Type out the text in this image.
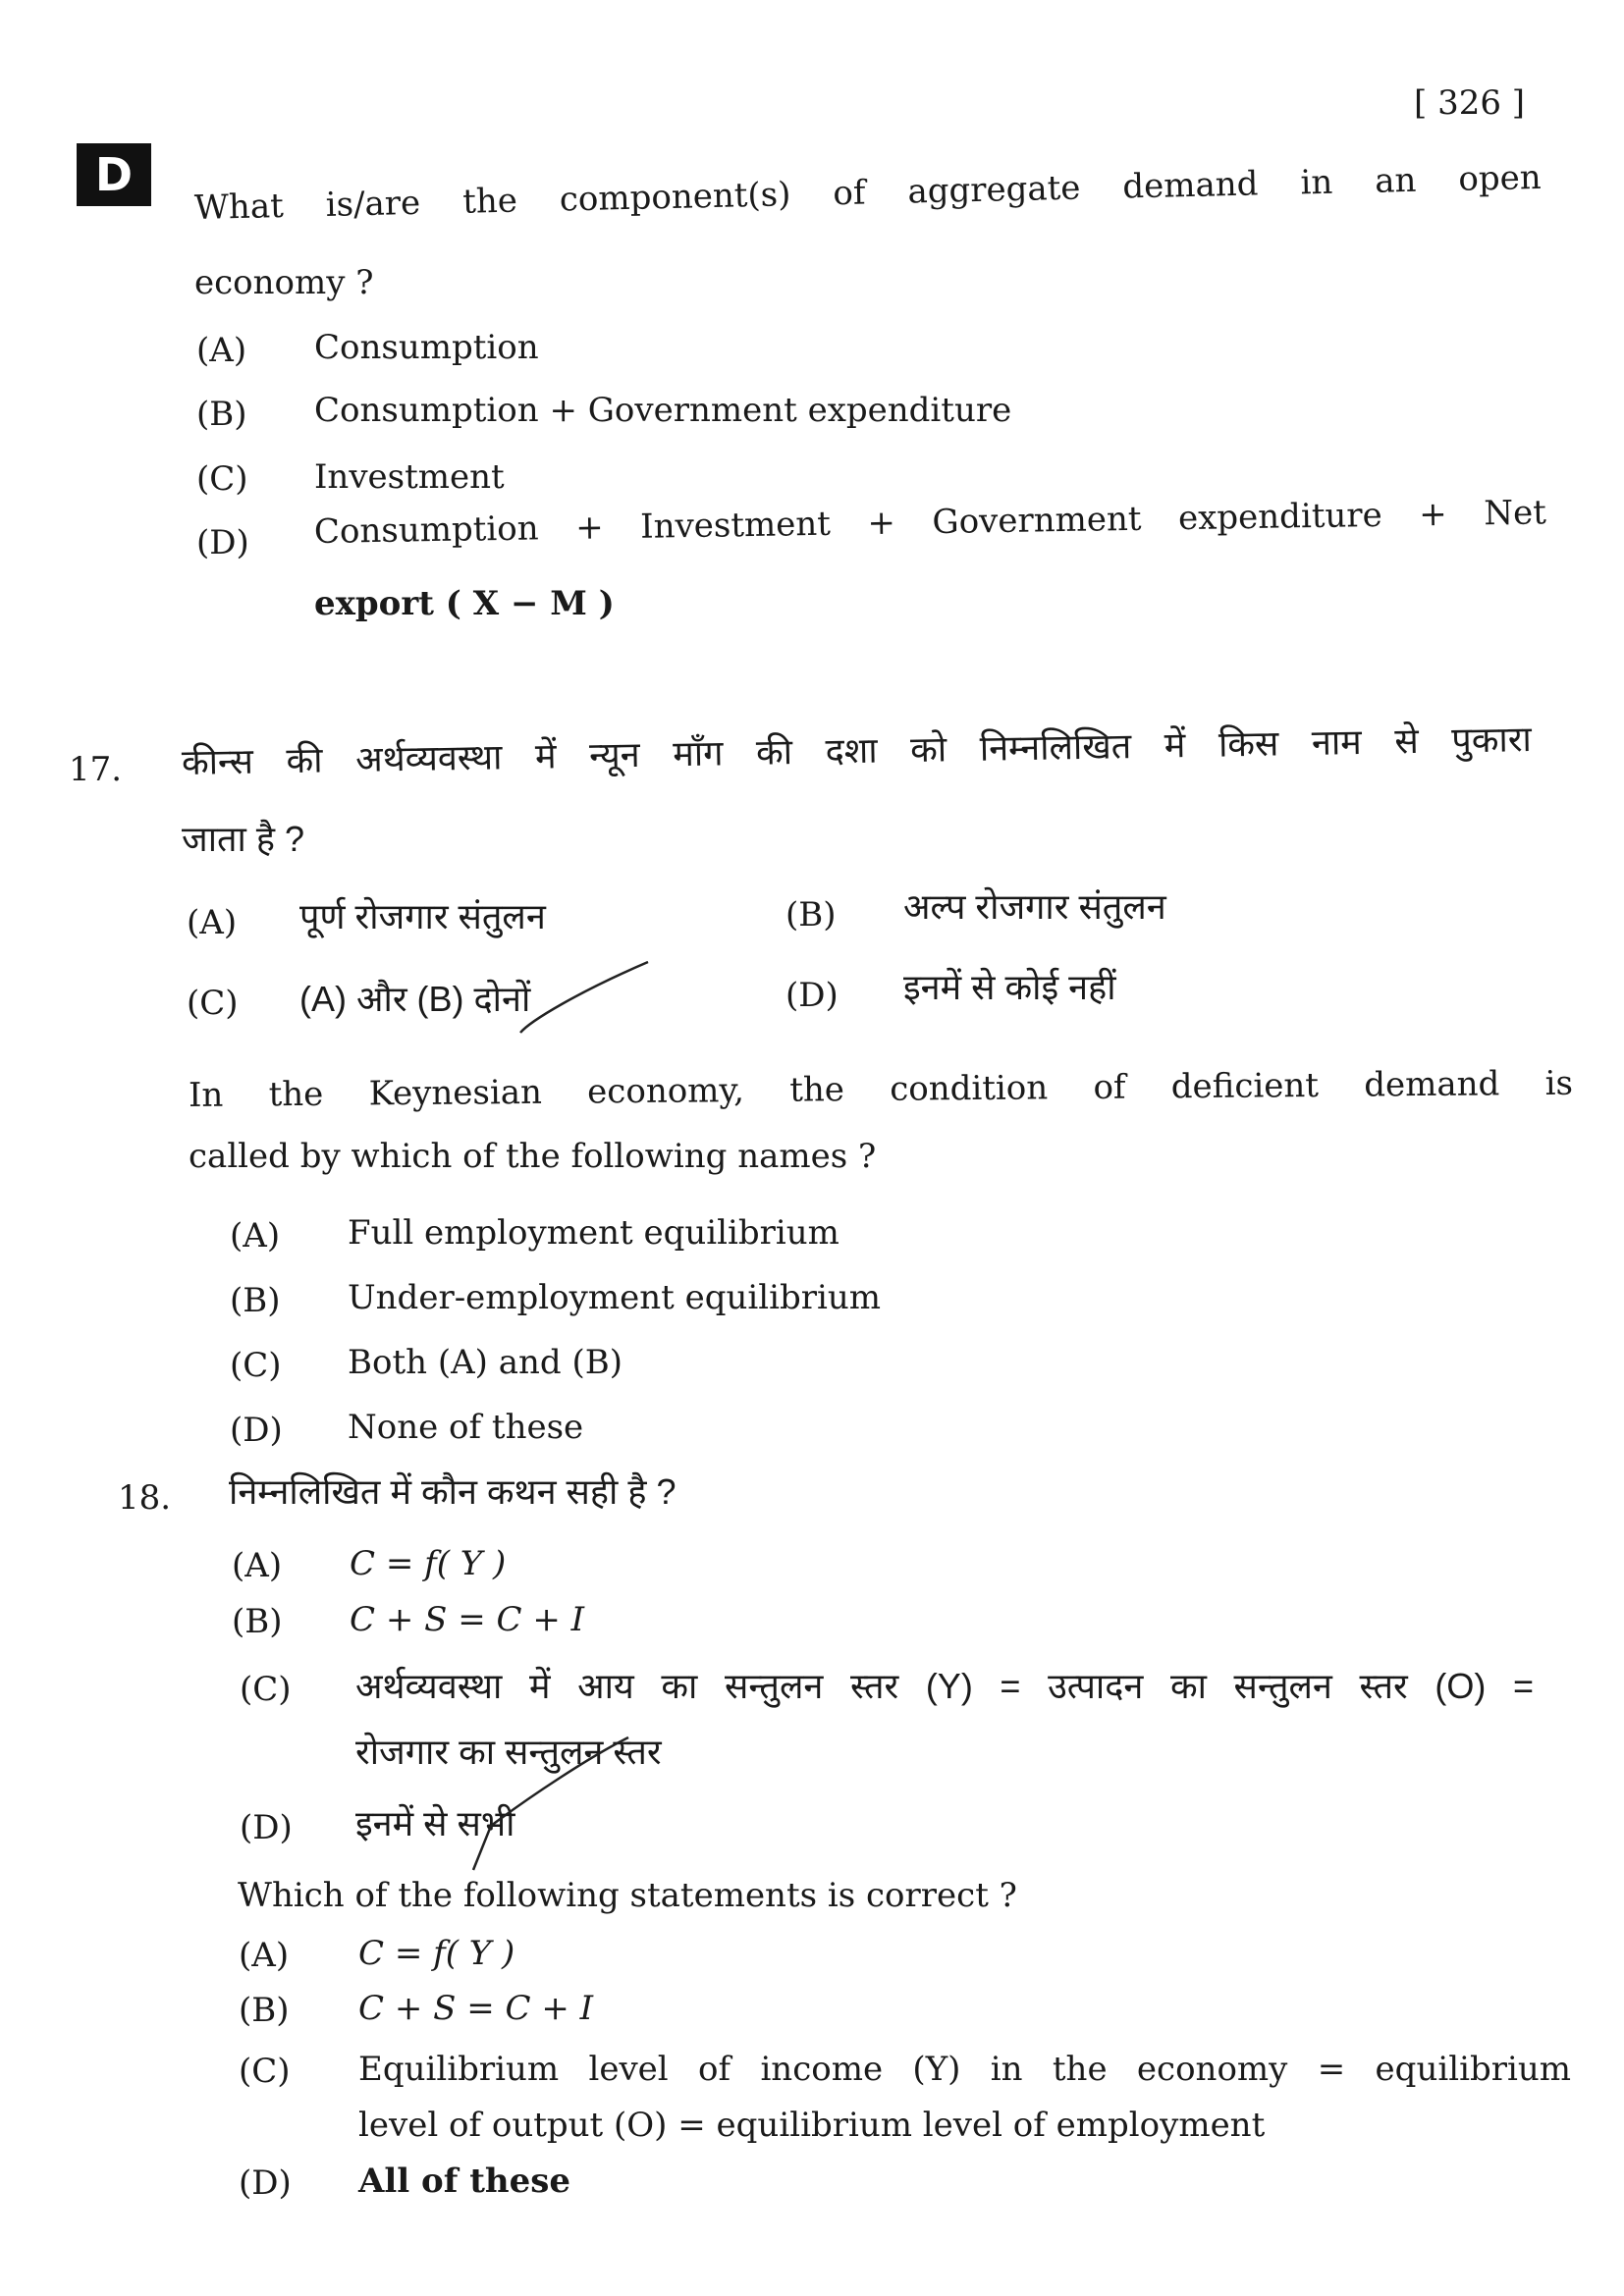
[ 326 ]
D	What is/are the component(s) of aggregate demand in an open
economy ?
(A) Consumption
(B) Consumption + Government expenditure
(C) Investment
(D) Consumption + Investment + Government expenditure + Net
export ( X − M )
17. कीन्स की अर्थव्यवस्था में न्यून माँग की दशा को निम्नलिखित में किस नाम से पुकारा
जाता है ?
(A) पूर्ण रोजगार संतुलन	(B) अल्प रोजगार संतुलन
(C) (A) और (B) दोनों	(D) इनमें से कोई नहीं
In the Keynesian economy, the condition of deficient demand is
called by which of the following names ?
(A) Full employment equilibrium
(B) Under-employment equilibrium
(C) Both (A) and (B)
(D) None of these
18. निम्नलिखित में कौन कथन सही है ?
(A) C = f( Y )
(B) C + S = C + I
(C) अर्थव्यवस्था में आय का सन्तुलन स्तर (Y) = उत्पादन का सन्तुलन स्तर (O) =
रोजगार का सन्तुलन स्तर
(D) इनमें से सभी
Which of the following statements is correct ?
(A) C = f( Y )
(B) C + S = C + I
(C) Equilibrium level of income (Y) in the economy = equilibrium
level of output (O) = equilibrium level of employment
(D) All of these
